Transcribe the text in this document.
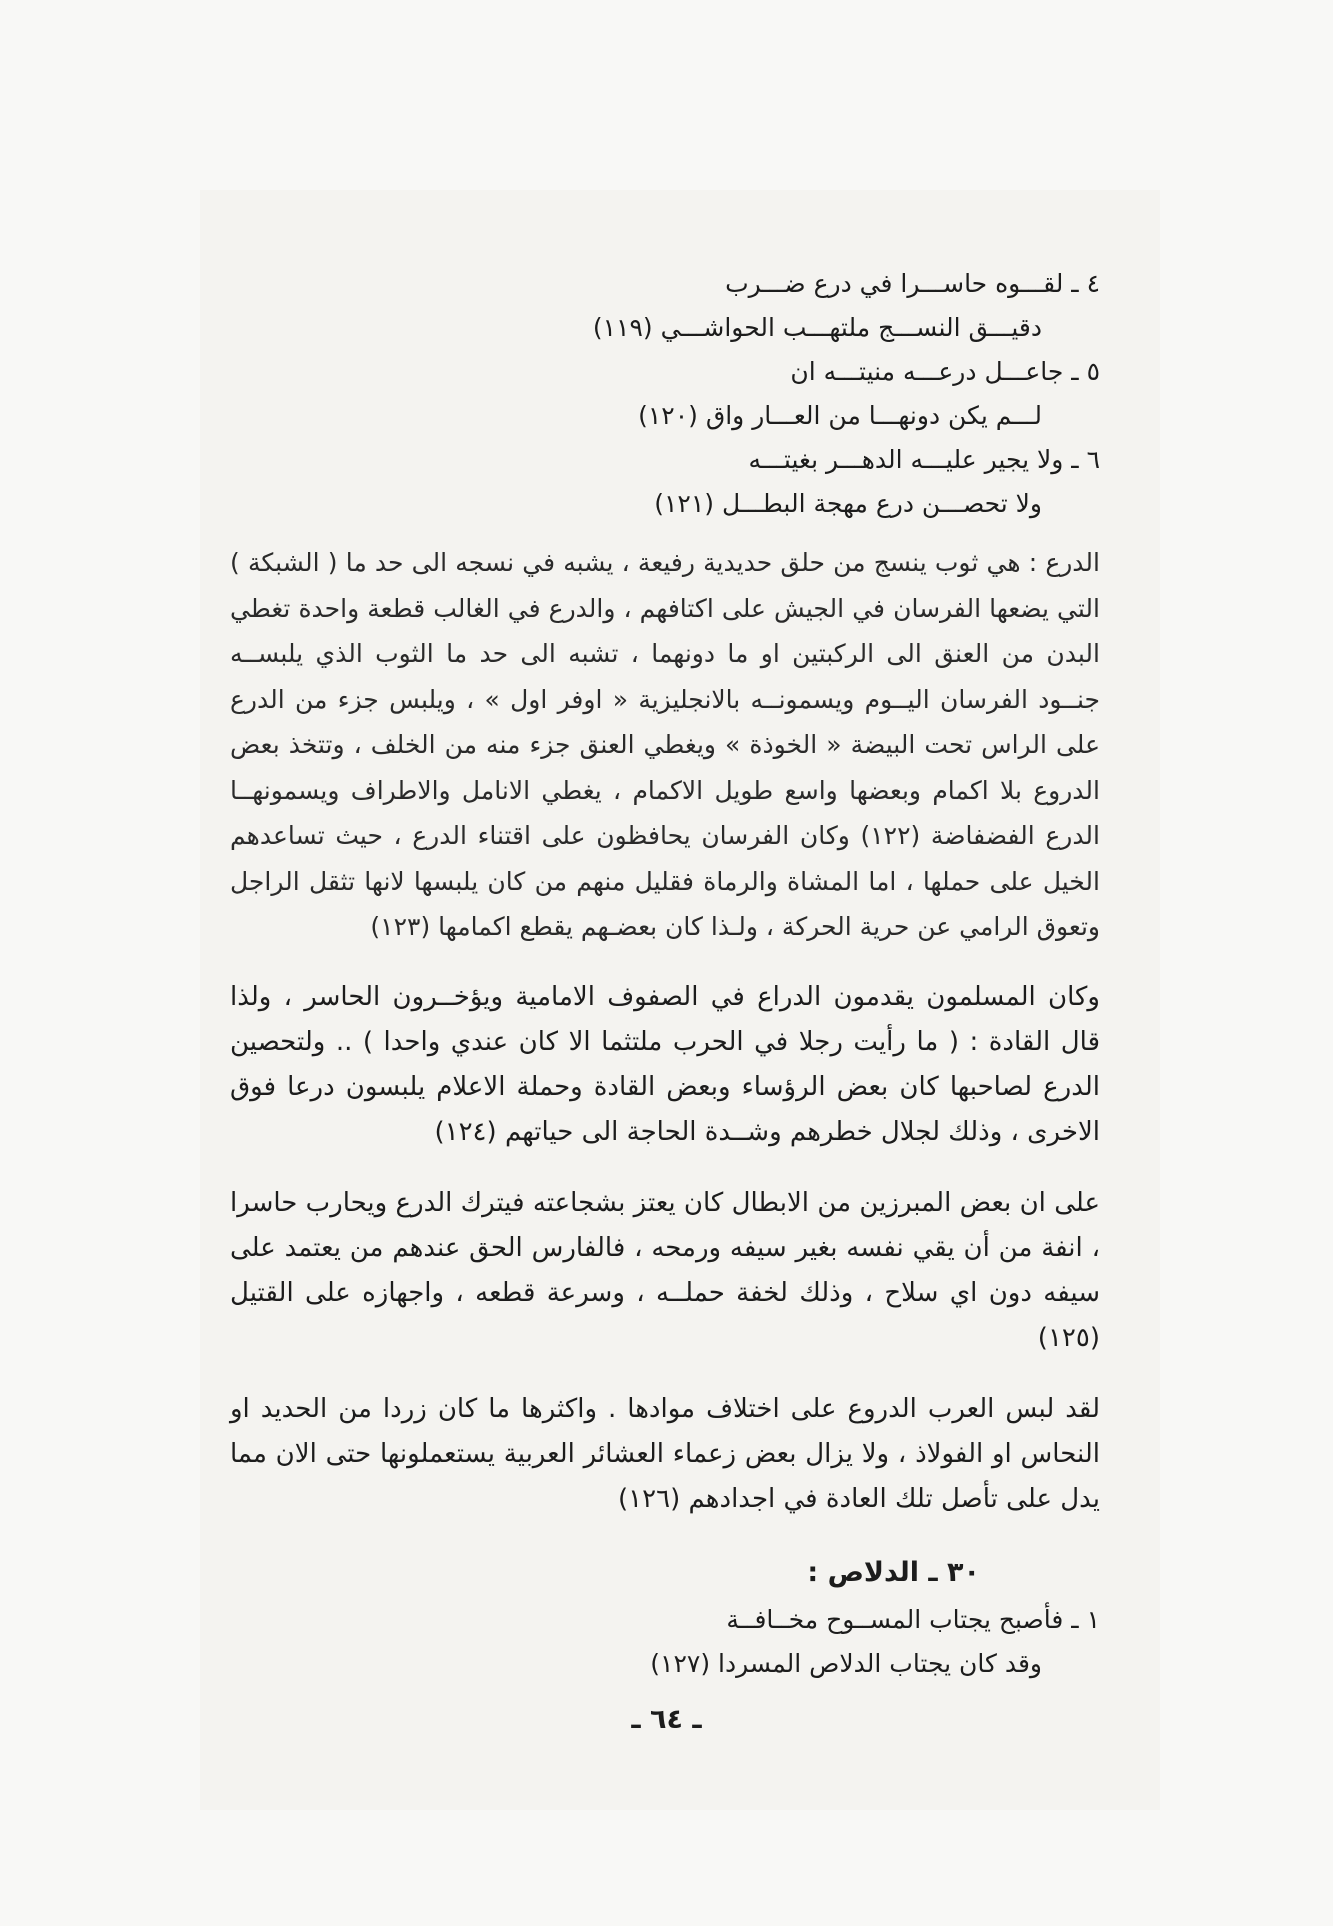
٤ ـ لقـــوه حاســـرا في درع ضـــرب
دقيـــق النســـج ملتهـــب الحواشـــي (١١٩)
٥ ـ جاعـــل درعـــه منيتـــه ان
لـــم يكن دونهـــا من العـــار واق (١٢٠)
٦ ـ ولا يجير عليـــه الدهـــر بغيتـــه
ولا تحصـــن درع مهجة البطـــل (١٢١)

الدرع : هي ثوب ينسج من حلق حديدية رفيعة ، يشبه في نسجه الى حد ما ( الشبكة ) التي يضعها الفرسان في الجيش على اكتافهم ، والدرع في الغالب قطعة واحدة تغطي البدن من العنق الى الركبتين او ما دونهما ، تشبه الى حد ما الثوب الذي يلبســه جنــود الفرسان اليــوم ويسمونــه بالانجليزية « اوفر اول » ، ويلبس جزء من الدرع على الراس تحت البيضة « الخوذة » ويغطي العنق جزء منه من الخلف ، وتتخذ بعض الدروع بلا اكمام وبعضها واسع طويل الاكمام ، يغطي الانامل والاطراف ويسمونهــا الدرع الفضفاضة (١٢٢) وكان الفرسان يحافظون على اقتناء الدرع ، حيث تساعدهم الخيل على حملها ، اما المشاة والرماة فقليل منهم من كان يلبسها لانها تثقل الراجل وتعوق الرامي عن حرية الحركة ، ولـذا كان بعضـهم يقطع اكمامها (١٢٣)

وكان المسلمون يقدمون الدراع في الصفوف الامامية ويؤخــرون الحاسر ، ولذا قال القادة : ( ما رأيت رجلا في الحرب ملتثما الا كان عندي واحدا ) .. ولتحصين الدرع لصاحبها كان بعض الرؤساء وبعض القادة وحملة الاعلام يلبسون درعا فوق الاخرى ، وذلك لجلال خطرهم وشــدة الحاجة الى حياتهم (١٢٤)

على ان بعض المبرزين من الابطال كان يعتز بشجاعته فيترك الدرع ويحارب حاسرا ، انفة من أن يقي نفسه بغير سيفه ورمحه ، فالفارس الحق عندهم من يعتمد على سيفه دون اي سلاح ، وذلك لخفة حملــه ، وسرعة قطعه ، واجهازه على القتيل (١٢٥)

لقد لبس العرب الدروع على اختلاف موادها . واكثرها ما كان زردا من الحديد او النحاس او الفولاذ ، ولا يزال بعض زعماء العشائر العربية يستعملونها حتى الان مما يدل على تأصل تلك العادة في اجدادهم (١٢٦)

٣٠ ـ الدلاص :
١ ـ فأصبح يجتاب المســوح مخــافــة
وقد كان يجتاب الدلاص المسردا (١٢٧)
ـ ٦٤ ـ
